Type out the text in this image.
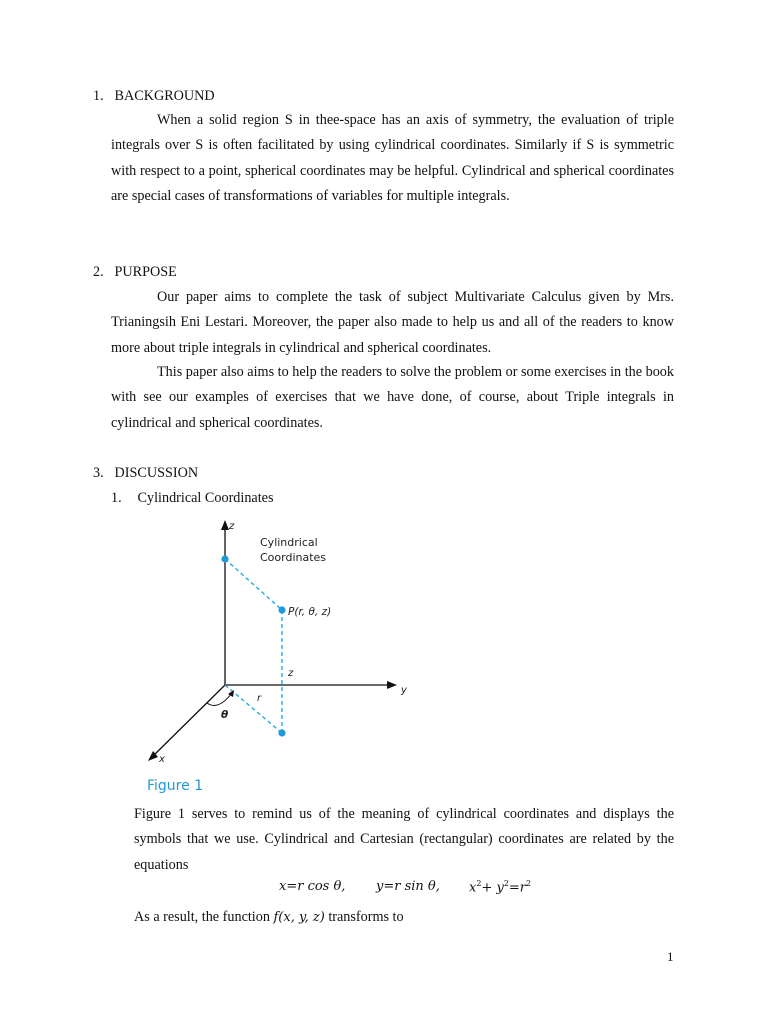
1. BACKGROUND

When a solid region S in thee-space has an axis of symmetry, the evaluation of triple integrals over S is often facilitated by using cylindrical coordinates. Similarly if S is symmetric with respect to a point, spherical coordinates may be helpful. Cylindrical and spherical coordinates are special cases of transformations of variables for multiple integrals.

2. PURPOSE

Our paper aims to complete the task of subject Multivariate Calculus given by Mrs. Trianingsih Eni Lestari. Moreover, the paper also made to help us and all of the readers to know more about triple integrals in cylindrical and spherical coordinates.

This paper also aims to help the readers to solve the problem or some exercises in the book with see our examples of exercises that we have done, of course, about Triple integrals in cylindrical and spherical coordinates.

3. DISCUSSION
1. Cylindrical Coordinates
Cylindrical
Coordinates
P(r, θ, z)
z
y
x
z
r
θ
Figure 1

Figure 1 serves to remind us of the meaning of cylindrical coordinates and displays the symbols that we use. Cylindrical and Cartesian (rectangular) coordinates are related by the equations

x=r cos θ, y=r sin θ, $x^2+ y^2=r^2$
As a result, the function f(x, y, z) transforms to
1
